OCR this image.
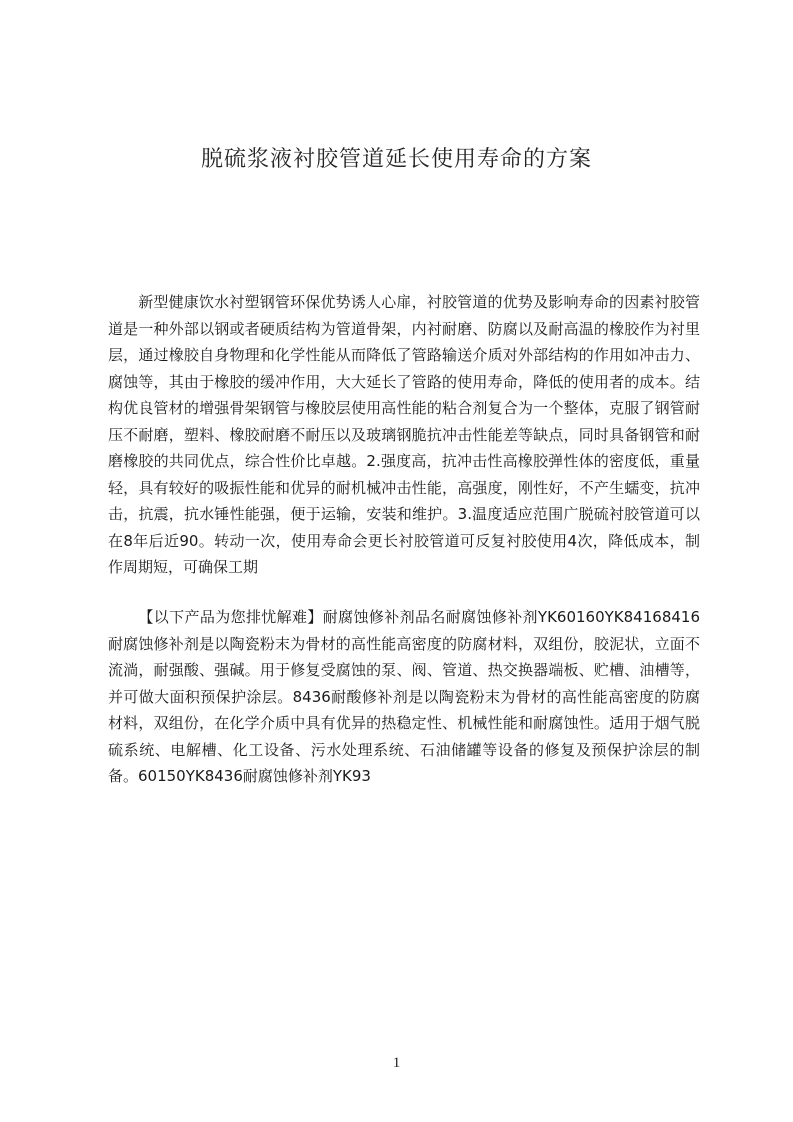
脱硫浆液衬胶管道延长使用寿命的方案

新型健康饮水衬塑钢管环保优势诱人心扉，衬胶管道的优势及影响寿命的因素衬胶管道是一种外部以钢或者硬质结构为管道骨架，内衬耐磨、防腐以及耐高温的橡胶作为衬里层，通过橡胶自身物理和化学性能从而降低了管路输送介质对外部结构的作用如冲击力、腐蚀等，其由于橡胶的缓冲作用，大大延长了管路的使用寿命，降低的使用者的成本。结构优良管材的增强骨架钢管与橡胶层使用高性能的粘合剂复合为一个整体，克服了钢管耐压不耐磨，塑料、橡胶耐磨不耐压以及玻璃钢脆抗冲击性能差等缺点，同时具备钢管和耐磨橡胶的共同优点，综合性价比卓越。2.强度高，抗冲击性高橡胶弹性体的密度低，重量轻，具有较好的吸振性能和优异的耐机械冲击性能，高强度，刚性好，不产生蠕变，抗冲击，抗震，抗水锤性能强，便于运输，安装和维护。3.温度适应范围广脱硫衬胶管道可以在8年后近90。转动一次，使用寿命会更长衬胶管道可反复衬胶使用4次，降低成本，制作周期短，可确保工期

【以下产品为您排忧解难】耐腐蚀修补剂品名耐腐蚀修补剂YK60160YK84168416耐腐蚀修补剂是以陶瓷粉末为骨材的高性能高密度的防腐材料，双组份，胶泥状，立面不流淌，耐强酸、强碱。用于修复受腐蚀的泵、阀、管道、热交换器端板、贮槽、油槽等，并可做大面积预保护涂层。8436耐酸修补剂是以陶瓷粉末为骨材的高性能高密度的防腐材料，双组份，在化学介质中具有优异的热稳定性、机械性能和耐腐蚀性。适用于烟气脱硫系统、电解槽、化工设备、污水处理系统、石油储罐等设备的修复及预保护涂层的制备。60150YK8436耐腐蚀修补剂YK93

1
